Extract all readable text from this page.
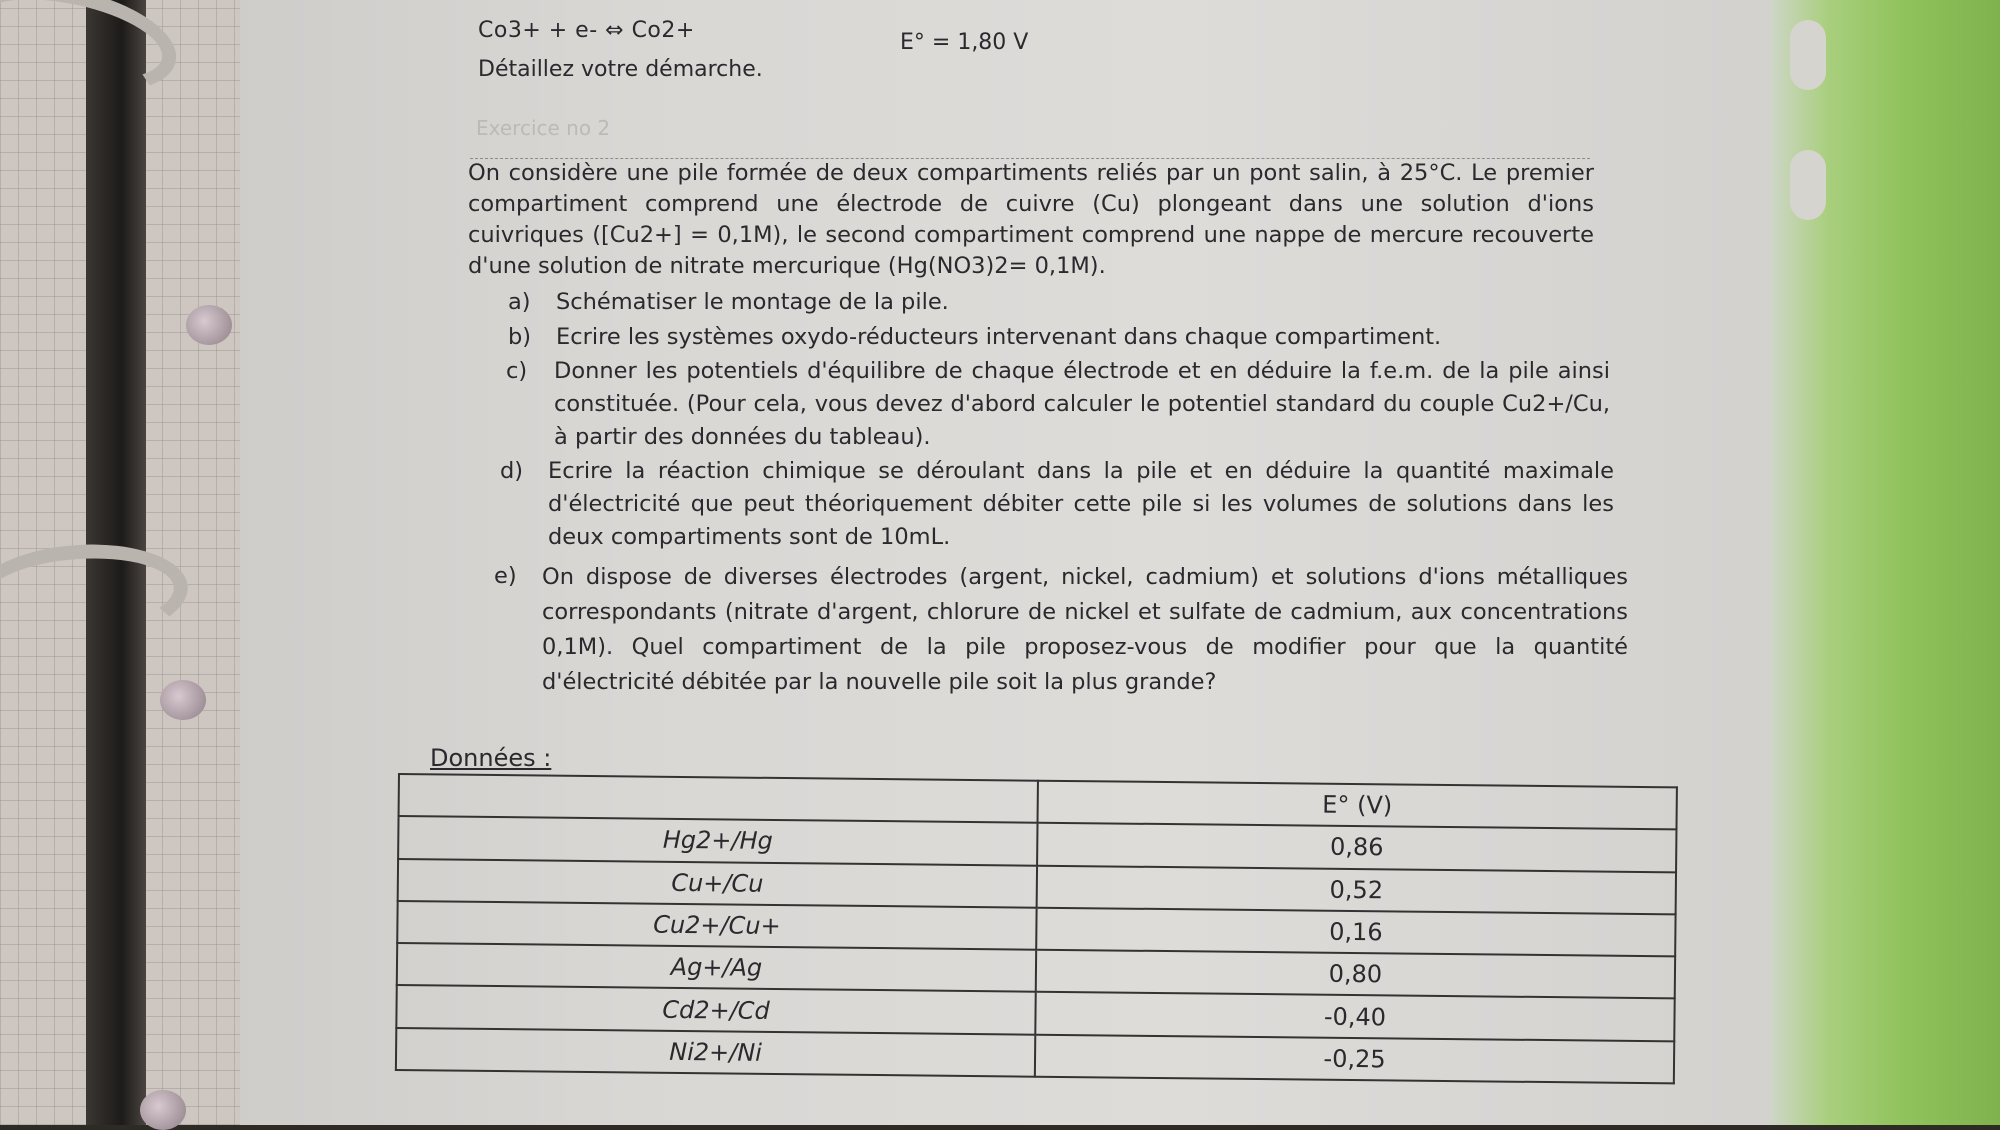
Co3+ + e- ⇔ Co2+	E° = 1,80 V
Détaillez votre démarche.
Exercice no 2
On considère une pile formée de deux compartiments reliés par un pont salin, à 25°C. Le premier compartiment comprend une électrode de cuivre (Cu) plongeant dans une solution d'ions cuivriques ([Cu2+] = 0,1M), le second compartiment comprend une nappe de mercure recouverte d'une solution de nitrate mercurique (Hg(NO3)2= 0,1M).
a) Schématiser le montage de la pile.
b) Ecrire les systèmes oxydo-réducteurs intervenant dans chaque compartiment.
c) Donner les potentiels d'équilibre de chaque électrode et en déduire la f.e.m. de la pile ainsi constituée. (Pour cela, vous devez d'abord calculer le potentiel standard du couple Cu2+/Cu, à partir des données du tableau).
d) Ecrire la réaction chimique se déroulant dans la pile et en déduire la quantité maximale d'électricité que peut théoriquement débiter cette pile si les volumes de solutions dans les deux compartiments sont de 10mL.
e) On dispose de diverses électrodes (argent, nickel, cadmium) et solutions d'ions métalliques correspondants (nitrate d'argent, chlorure de nickel et sulfate de cadmium, aux concentrations 0,1M). Quel compartiment de la pile proposez-vous de modifier pour que la quantité d'électricité débitée par la nouvelle pile soit la plus grande?
Données :
	E° (V)
Hg2+/Hg	0,86
Cu+/Cu	0,52
Cu2+/Cu+	0,16
Ag+/Ag	0,80
Cd2+/Cd	-0,40
Ni2+/Ni	-0,25
